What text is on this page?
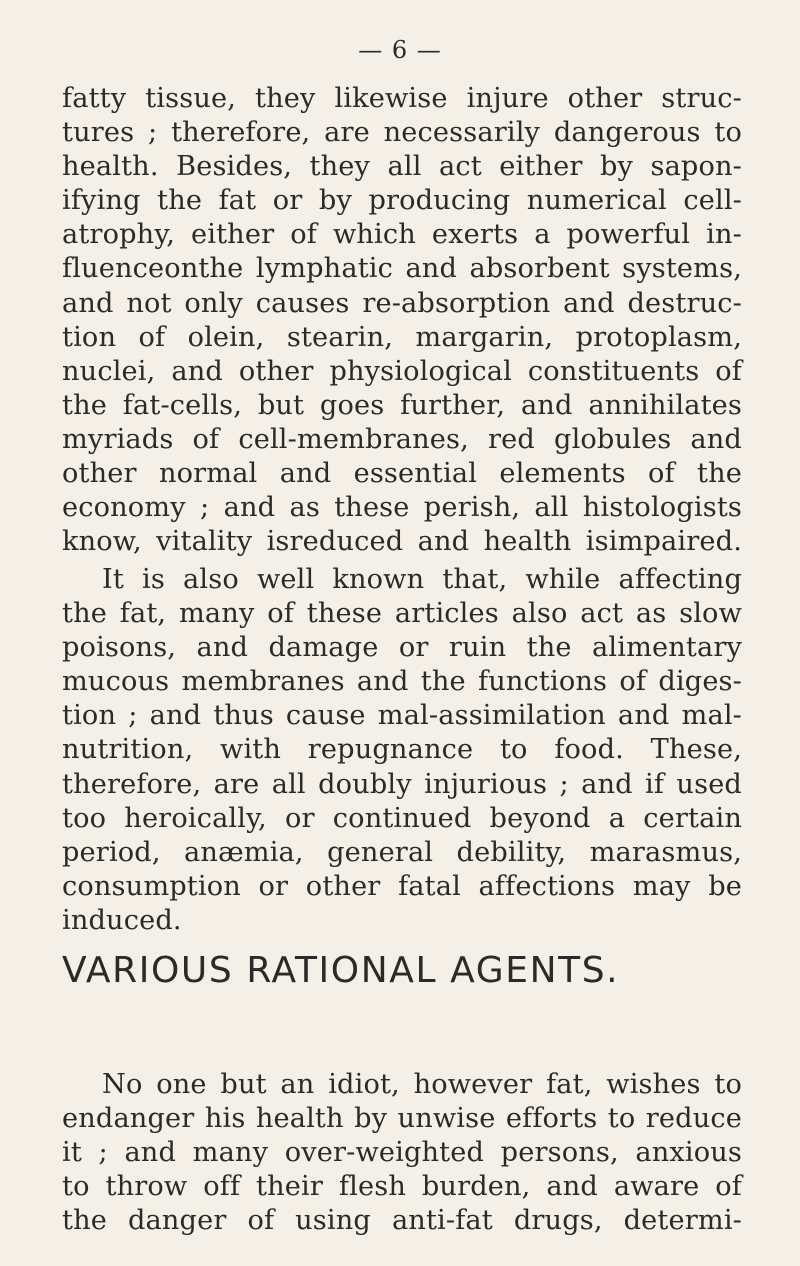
— 6 —
fatty tissue, they likewise injure other struc-
tures ; therefore, are necessarily dangerous to
health. Besides, they all act either by sapon-
ifying the fat or by producing numerical cell-
atrophy, either of which exerts a powerful in-
fluenceonthe lymphatic and absorbent systems,
and not only causes re-absorption and destruc-
tion of olein, stearin, margarin, protoplasm,
nuclei, and other physiological constituents of
the fat-cells, but goes further, and annihilates
myriads of cell-membranes, red globules and
other normal and essential elements of the
economy ; and as these perish, all histologists
know, vitality isreduced and health isimpaired.
It is also well known that, while affecting
the fat, many of these articles also act as slow
poisons, and damage or ruin the alimentary
mucous membranes and the functions of diges-
tion ; and thus cause mal-assimilation and mal-
nutrition, with repugnance to food. These,
therefore, are all doubly injurious ; and if used
too heroically, or continued beyond a certain
period, anæmia, general debility, marasmus,
consumption or other fatal affections may be
induced.
VARIOUS RATIONAL AGENTS.
No one but an idiot, however fat, wishes to
endanger his health by unwise efforts to reduce
it ; and many over-weighted persons, anxious
to throw off their flesh burden, and aware of
the danger of using anti-fat drugs, determi-
